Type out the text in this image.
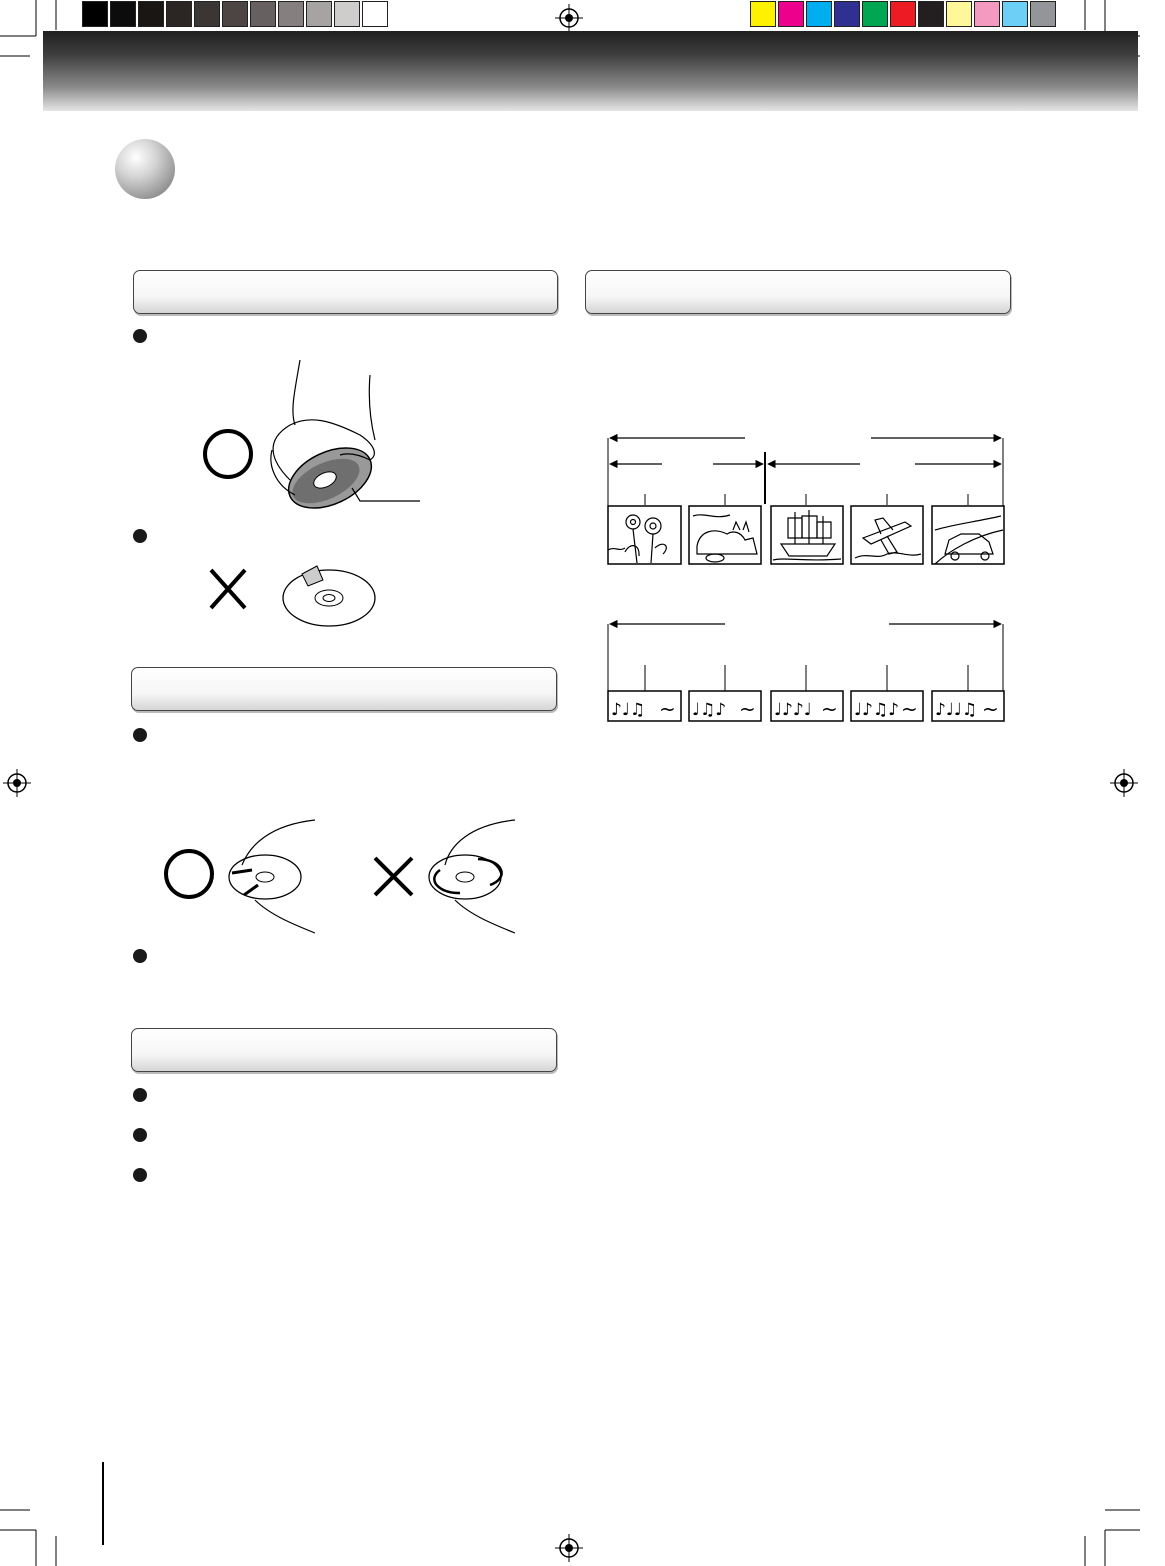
♪♩♫	♩♫♪	♩♪♪♩ ♩♪♫♪ ♪♩♩♫
~	~	~	~	~
